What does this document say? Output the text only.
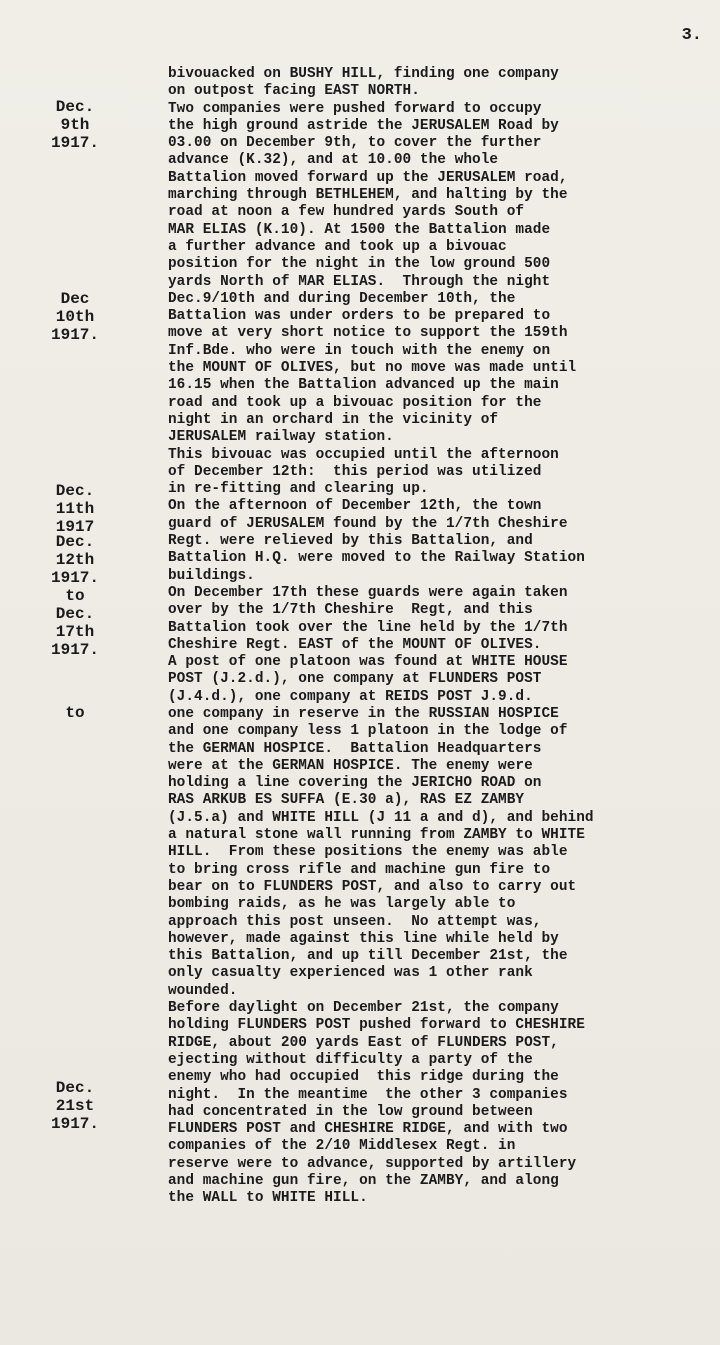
3.
Dec.
9th
1917.
Dec
10th
1917.
Dec.
11th
1917
Dec.
12th
1917.
to
Dec.
17th
1917.
to
Dec.
21st
1917.
bivouacked on BUSHY HILL, finding one company
on outpost facing EAST NORTH.
Two companies were pushed forward to occupy
the high ground astride the JERUSALEM Road by
03.00 on December 9th, to cover the further
advance (K.32), and at 10.00 the whole
Battalion moved forward up the JERUSALEM road,
marching through BETHLEHEM, and halting by the
road at noon a few hundred yards South of
MAR ELIAS (K.10). At 1500 the Battalion made
a further advance and took up a bivouac
position for the night in the low ground 500
yards North of MAR ELIAS.  Through the night
Dec.9/10th and during December 10th, the
Battalion was under orders to be prepared to
move at very short notice to support the 159th
Inf.Bde. who were in touch with the enemy on
the MOUNT OF OLIVES, but no move was made until
16.15 when the Battalion advanced up the main
road and took up a bivouac position for the
night in an orchard in the vicinity of
JERUSALEM railway station.
This bivouac was occupied until the afternoon
of December 12th:  this period was utilized
in re-fitting and clearing up.
On the afternoon of December 12th, the town
guard of JERUSALEM found by the 1/7th Cheshire
Regt. were relieved by this Battalion, and
Battalion H.Q. were moved to the Railway Station
buildings.
On December 17th these guards were again taken
over by the 1/7th Cheshire  Regt, and this
Battalion took over the line held by the 1/7th
Cheshire Regt. EAST of the MOUNT OF OLIVES.
A post of one platoon was found at WHITE HOUSE
POST (J.2.d.), one company at FLUNDERS POST
(J.4.d.), one company at REIDS POST J.9.d.
one company in reserve in the RUSSIAN HOSPICE
and one company less 1 platoon in the lodge of
the GERMAN HOSPICE.  Battalion Headquarters
were at the GERMAN HOSPICE. The enemy were
holding a line covering the JERICHO ROAD on
RAS ARKUB ES SUFFA (E.30 a), RAS EZ ZAMBY
(J.5.a) and WHITE HILL (J 11 a and d), and behind
a natural stone wall running from ZAMBY to WHITE
HILL.  From these positions the enemy was able
to bring cross rifle and machine gun fire to
bear on to FLUNDERS POST, and also to carry out
bombing raids, as he was largely able to
approach this post unseen.  No attempt was,
however, made against this line while held by
this Battalion, and up till December 21st, the
only casualty experienced was 1 other rank
wounded.
Before daylight on December 21st, the company
holding FLUNDERS POST pushed forward to CHESHIRE
RIDGE, about 200 yards East of FLUNDERS POST,
ejecting without difficulty a party of the
enemy who had occupied  this ridge during the
night.  In the meantime  the other 3 companies
had concentrated in the low ground between
FLUNDERS POST and CHESHIRE RIDGE, and with two
companies of the 2/10 Middlesex Regt. in
reserve were to advance, supported by artillery
and machine gun fire, on the ZAMBY, and along
the WALL to WHITE HILL.
